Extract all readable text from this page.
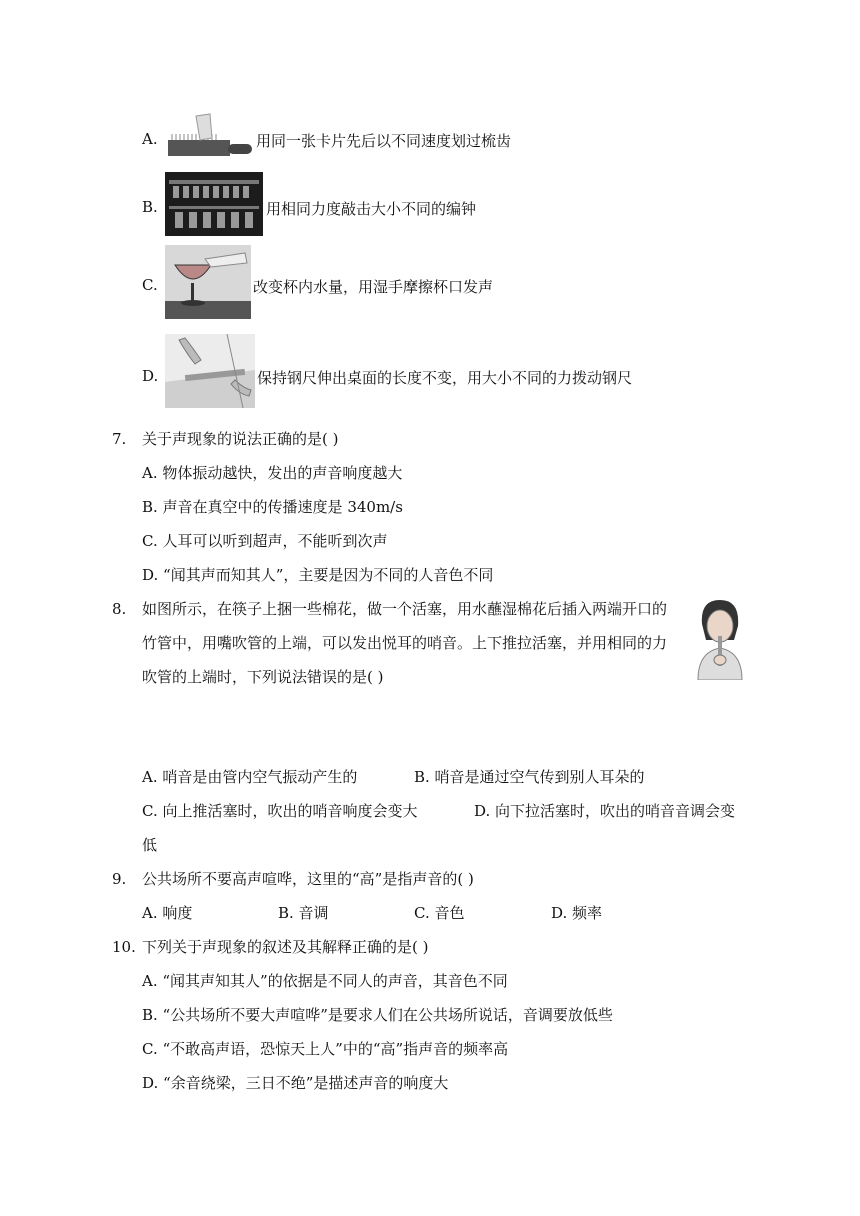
A.	用同一张卡片先后以不同速度划过梳齿
B.	用相同力度敲击大小不同的编钟
C.	改变杯内水量，用湿手摩擦杯口发声
D.	保持钢尺伸出桌面的长度不变，用大小不同的力拨动钢尺
7. 关于声现象的说法正确的是( )
A. 物体振动越快，发出的声音响度越大
B. 声音在真空中的传播速度是 340m/s
C. 人耳可以听到超声，不能听到次声
D. “闻其声而知其人”，主要是因为不同的人音色不同
8. 如图所示，在筷子上捆一些棉花，做一个活塞，用水蘸湿棉花后插入两端开口的
竹管中，用嘴吹管的上端，可以发出悦耳的哨音。上下推拉活塞，并用相同的力
吹管的上端时，下列说法错误的是( )
A. 哨音是由管内空气振动产生的	B. 哨音是通过空气传到别人耳朵的
C. 向上推活塞时，吹出的哨音响度会变大	D. 向下拉活塞时，吹出的哨音音调会变
低
9. 公共场所不要高声喧哗，这里的“高”是指声音的( )
A. 响度	B. 音调	C. 音色	D. 频率
10. 下列关于声现象的叙述及其解释正确的是( )
A. “闻其声知其人”的依据是不同人的声音，其音色不同
B. “公共场所不要大声喧哗”是要求人们在公共场所说话，音调要放低些
C. “不敢高声语，恐惊天上人”中的“高”指声音的频率高
D. “余音绕梁，三日不绝”是描述声音的响度大
